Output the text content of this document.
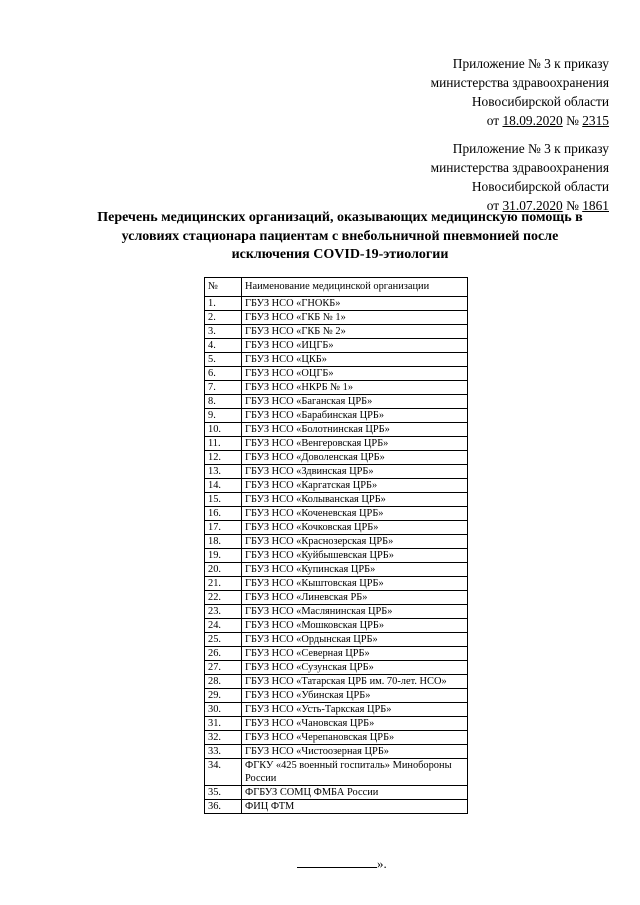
Приложение № 3 к приказу
министерства здравоохранения
Новосибирской области
от 18.09.2020 № 2315
Приложение № 3 к приказу
министерства здравоохранения
Новосибирской области
от 31.07.2020 № 1861
Перечень медицинских организаций, оказывающих медицинскую помощь в
условиях стационара пациентам с внебольничной пневмонией после
исключения COVID-19-этиологии
№	Наименование медицинской организации
1.	ГБУЗ НСО «ГНОКБ»
2.	ГБУЗ НСО «ГКБ № 1»
3.	ГБУЗ НСО «ГКБ № 2»
4.	ГБУЗ НСО «ИЦГБ»
5.	ГБУЗ НСО «ЦКБ»
6.	ГБУЗ НСО «ОЦГБ»
7.	ГБУЗ НСО «НКРБ № 1»
8.	ГБУЗ НСО «Баганская ЦРБ»
9.	ГБУЗ НСО «Барабинская ЦРБ»
10.	ГБУЗ НСО «Болотнинская ЦРБ»
11.	ГБУЗ НСО «Венгеровская ЦРБ»
12.	ГБУЗ НСО «Доволенская ЦРБ»
13.	ГБУЗ НСО «Здвинская ЦРБ»
14.	ГБУЗ НСО «Каргатская ЦРБ»
15.	ГБУЗ НСО «Колыванская ЦРБ»
16.	ГБУЗ НСО «Коченевская ЦРБ»
17.	ГБУЗ НСО «Кочковская ЦРБ»
18.	ГБУЗ НСО «Краснозерская ЦРБ»
19.	ГБУЗ НСО «Куйбышевская ЦРБ»
20.	ГБУЗ НСО «Купинская ЦРБ»
21.	ГБУЗ НСО «Кыштовская ЦРБ»
22.	ГБУЗ НСО «Линевская РБ»
23.	ГБУЗ НСО «Маслянинская ЦРБ»
24.	ГБУЗ НСО «Мошковская ЦРБ»
25.	ГБУЗ НСО «Ордынская ЦРБ»
26.	ГБУЗ НСО «Северная ЦРБ»
27.	ГБУЗ НСО «Сузунская ЦРБ»
28.	ГБУЗ НСО «Татарская ЦРБ им. 70-лет. НСО»
29.	ГБУЗ НСО «Убинская ЦРБ»
30.	ГБУЗ НСО «Усть-Таркская ЦРБ»
31.	ГБУЗ НСО «Чановская ЦРБ»
32.	ГБУЗ НСО «Черепановская ЦРБ»
33.	ГБУЗ НСО «Чистоозерная ЦРБ»
34.	ФГКУ «425 военный госпиталь» Минобороны России
35.	ФГБУЗ СОМЦ ФМБА России
36.	ФИЦ ФТМ
».
